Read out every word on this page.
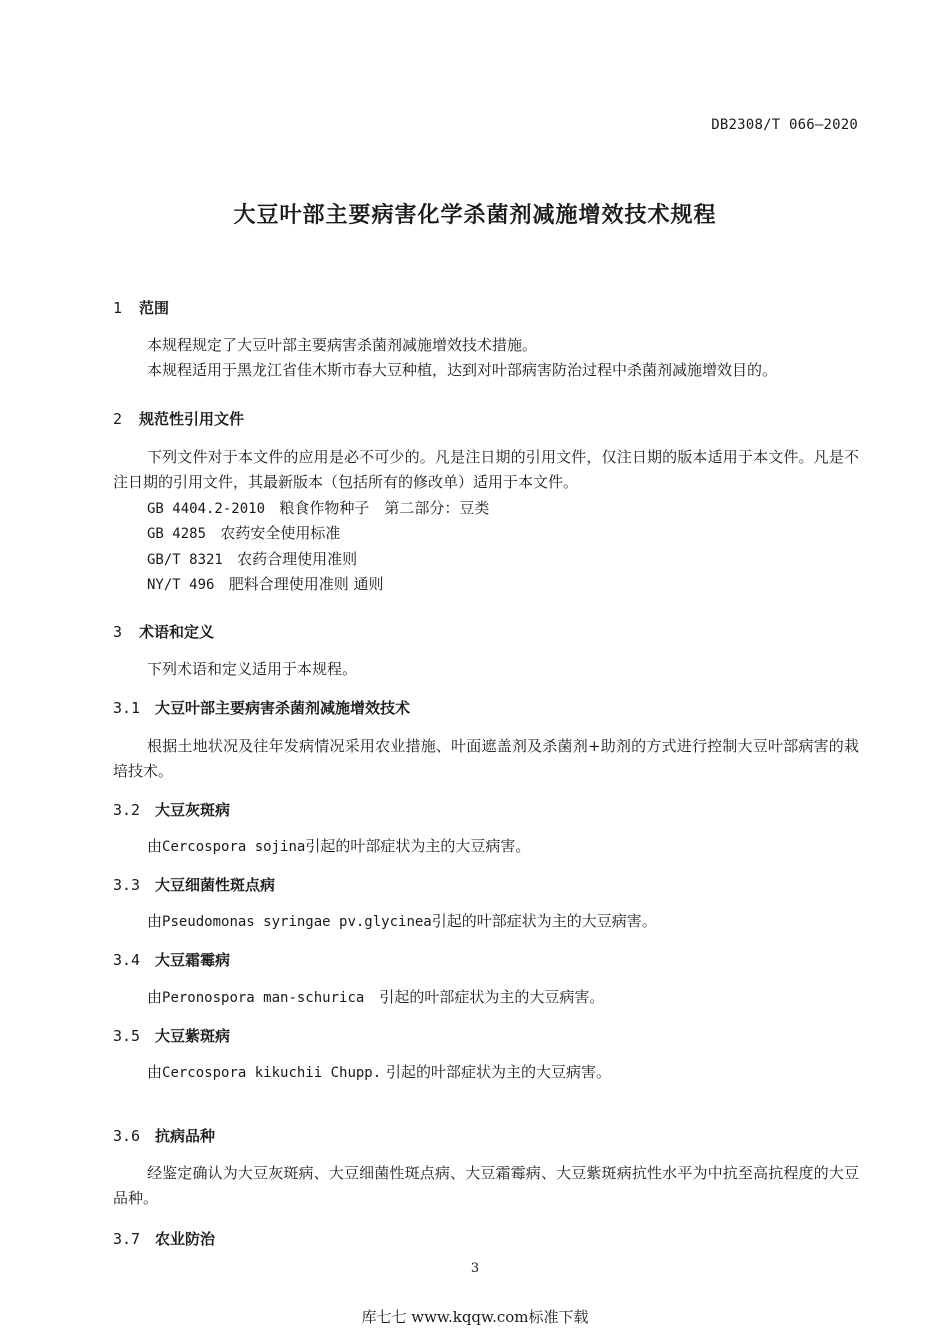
DB2308/T 066—2020
大豆叶部主要病害化学杀菌剂减施增效技术规程
1 范围
本规程规定了大豆叶部主要病害杀菌剂减施增效技术措施。
本规程适用于黑龙江省佳木斯市春大豆种植，达到对叶部病害防治过程中杀菌剂减施增效目的。
2 规范性引用文件
下列文件对于本文件的应用是必不可少的。凡是注日期的引用文件，仅注日期的版本适用于本文件。凡是不注日期的引用文件，其最新版本（包括所有的修改单）适用于本文件。
GB 4404.2-2010 粮食作物种子　第二部分：豆类
GB 4285 农药安全使用标准
GB/T 8321 农药合理使用准则
NY/T 496 肥料合理使用准则 通则
3 术语和定义
下列术语和定义适用于本规程。
3.1 大豆叶部主要病害杀菌剂减施增效技术
根据土地状况及往年发病情况采用农业措施、叶面遮盖剂及杀菌剂+助剂的方式进行控制大豆叶部病害的栽培技术。
3.2 大豆灰斑病
由Cercospora sojina引起的叶部症状为主的大豆病害。
3.3 大豆细菌性斑点病
由Pseudomonas syringae pv.glycinea引起的叶部症状为主的大豆病害。
3.4 大豆霜霉病
由Peronospora man-schurica　引起的叶部症状为主的大豆病害。
3.5 大豆紫斑病
由Cercospora kikuchii Chupp. 引起的叶部症状为主的大豆病害。
3.6 抗病品种
经鉴定确认为大豆灰斑病、大豆细菌性斑点病、大豆霜霉病、大豆紫斑病抗性水平为中抗至高抗程度的大豆品种。
3.7 农业防治
3
库七七 www.kqqw.com标准下载
